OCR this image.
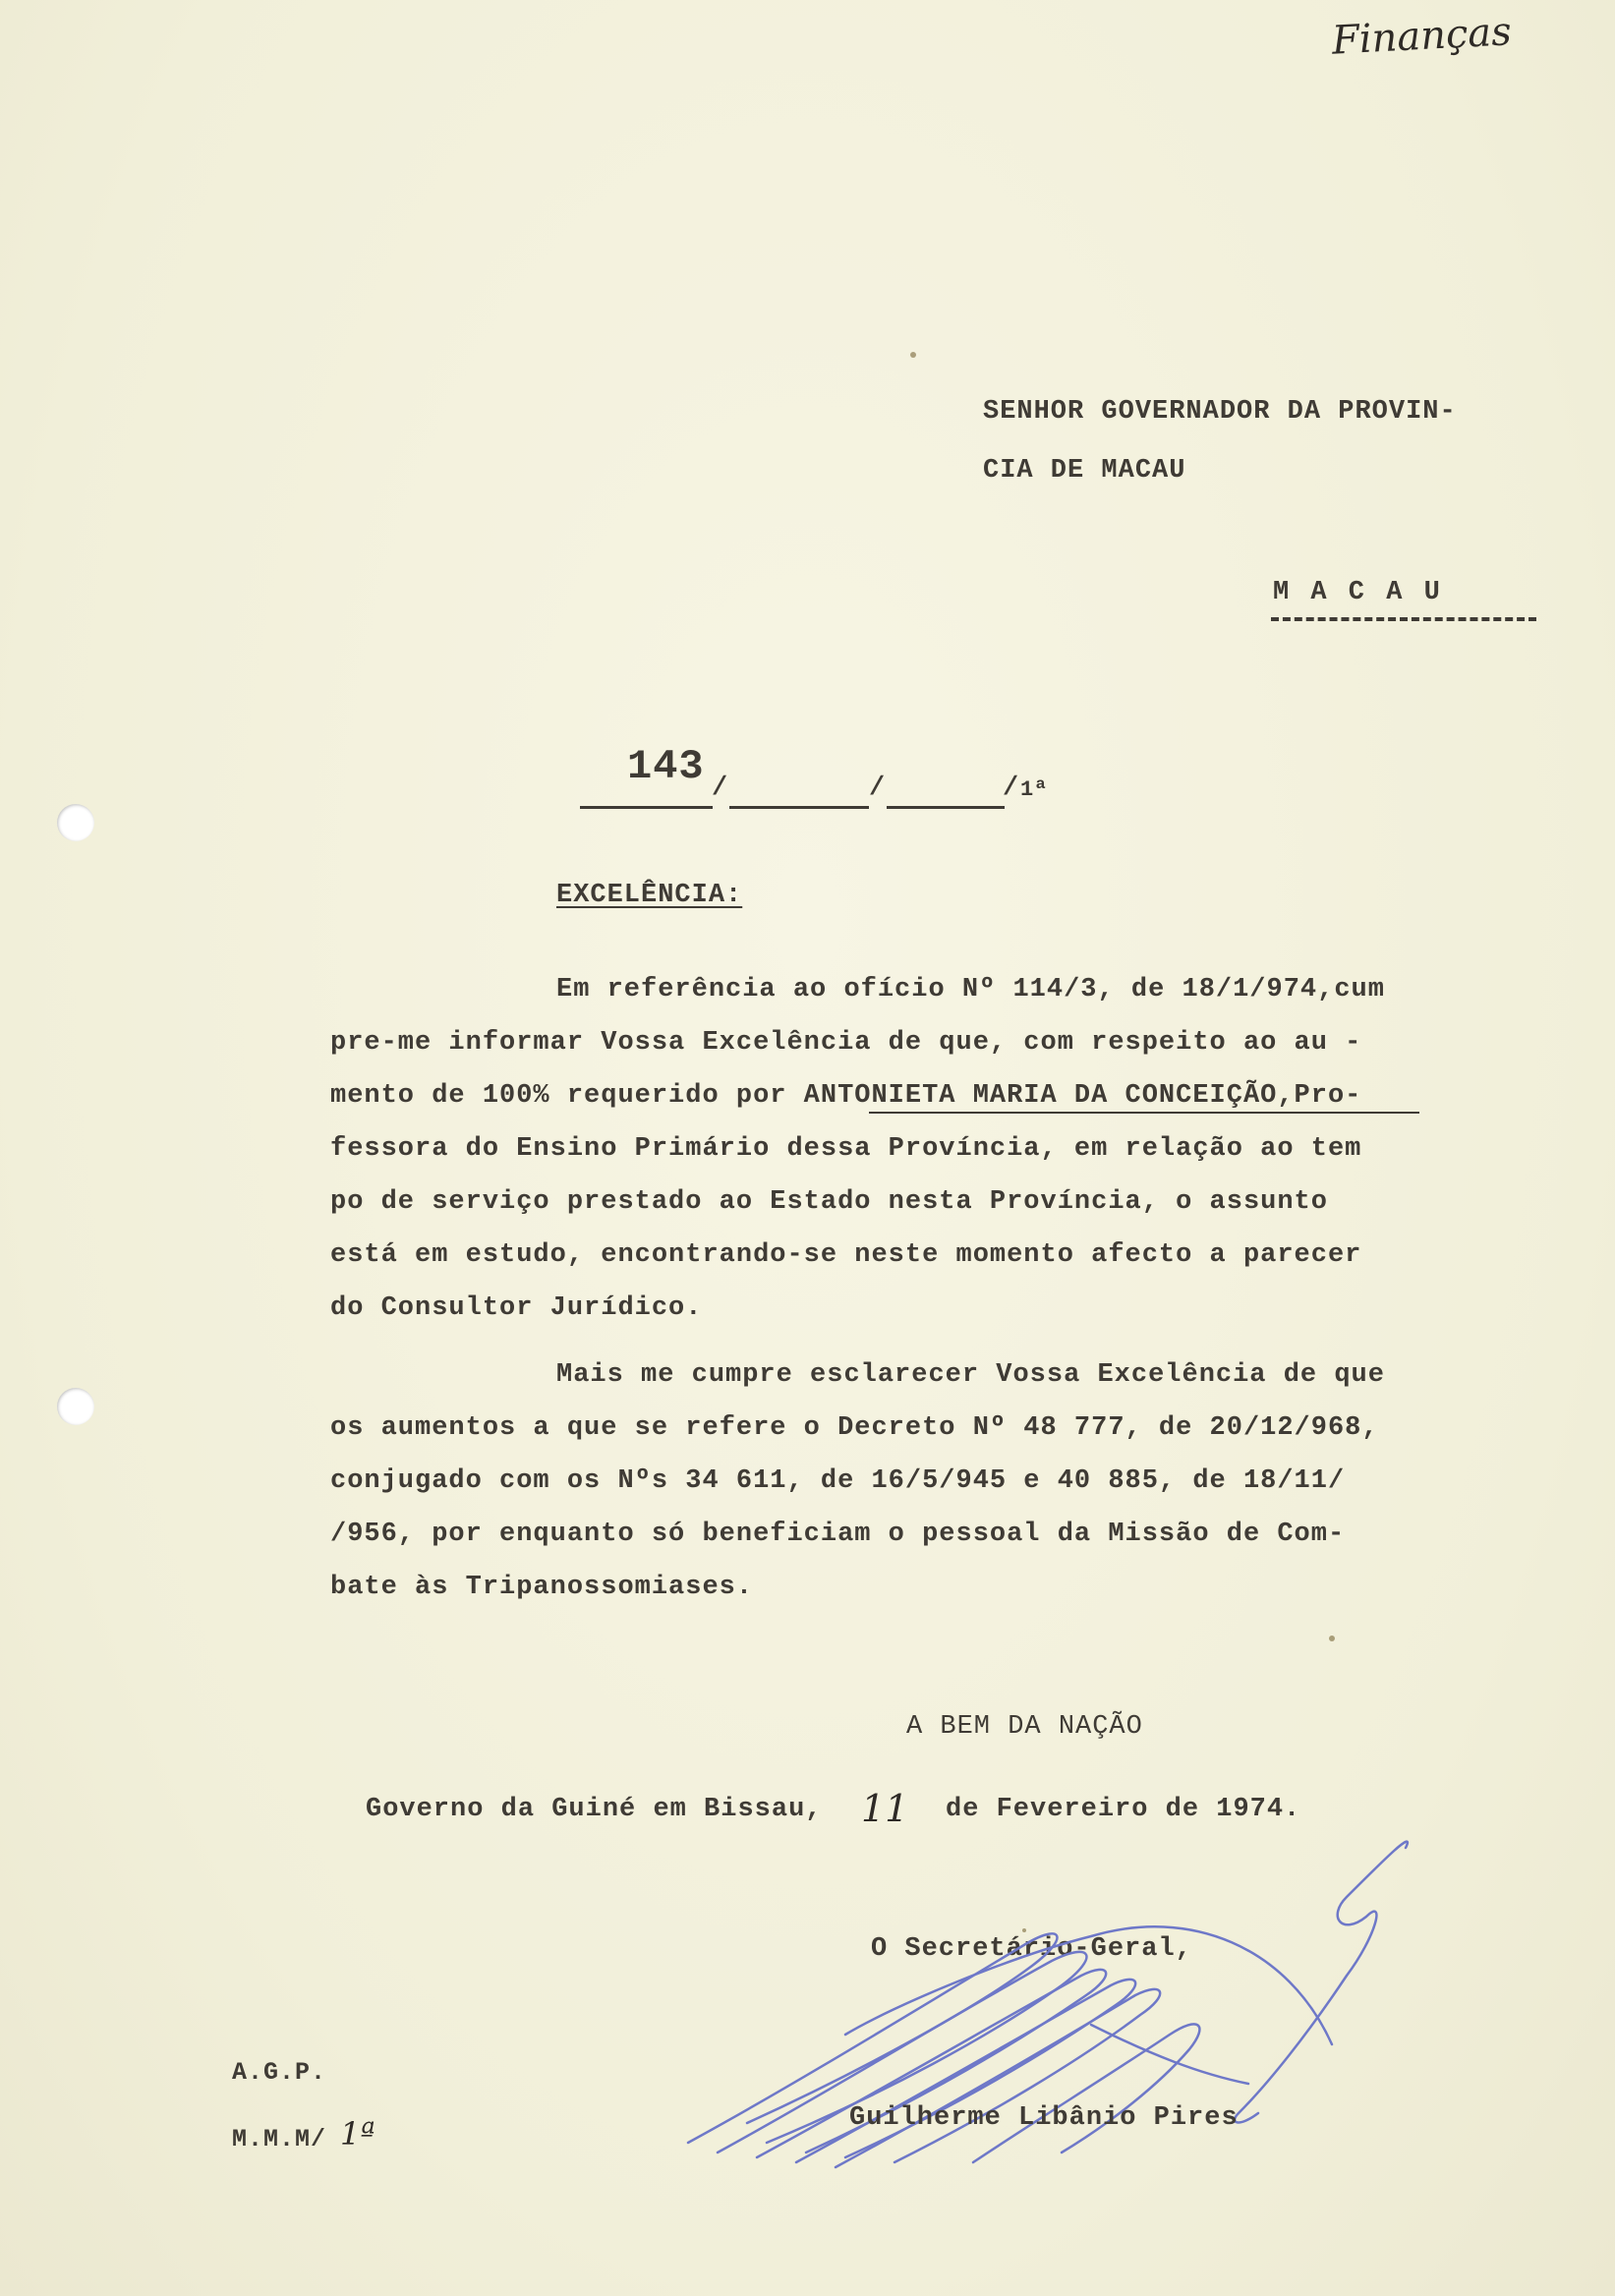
Finanças
SENHOR GOVERNADOR DA PROVIN-
CIA DE MACAU
M A C A U
143 /	/	/ 1ª
EXCELÊNCIA:
Em referência ao ofício Nº 114/3, de 18/1/974,cum
pre-me informar Vossa Excelência de que, com respeito ao au -
mento de 100% requerido por ANTONIETA MARIA DA CONCEIÇÃO,Pro-
fessora do Ensino Primário dessa Província, em relação ao tem
po de serviço prestado ao Estado nesta Província, o assunto
está em estudo, encontrando-se neste momento afecto a parecer
do Consultor Jurídico.
Mais me cumpre esclarecer Vossa Excelência de que
os aumentos a que se refere o Decreto Nº 48 777, de 20/12/968,
conjugado com os Nºs 34 611, de 16/5/945 e 40 885, de 18/11/
/956, por enquanto só beneficiam o pessoal da Missão de Com-
bate às Tripanossomiases.
A BEM DA NAÇÃO
Governo da Guiné em Bissau, 11 de Fevereiro de 1974.
O Secretário-Geral,
Guilherme Libânio Pires
A.G.P.
M.M.M/ 1ª
